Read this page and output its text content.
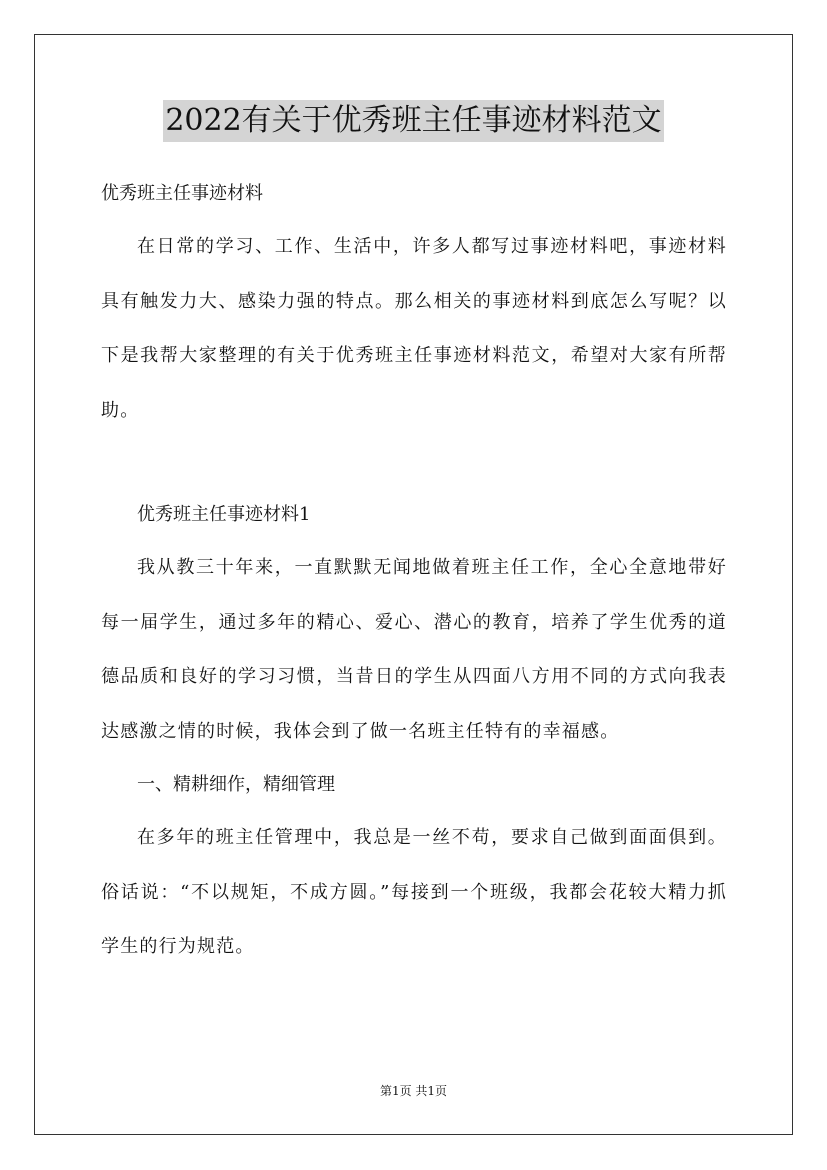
2022有关于优秀班主任事迹材料范文

优秀班主任事迹材料

在日常的学习、工作、生活中，许多人都写过事迹材料吧，事迹材料具有触发力大、感染力强的特点。那么相关的事迹材料到底怎么写呢？以下是我帮大家整理的有关于优秀班主任事迹材料范文，希望对大家有所帮助。

优秀班主任事迹材料1

我从教三十年来，一直默默无闻地做着班主任工作，全心全意地带好每一届学生，通过多年的精心、爱心、潜心的教育，培养了学生优秀的道德品质和良好的学习习惯，当昔日的学生从四面八方用不同的方式向我表达感激之情的时候，我体会到了做一名班主任特有的幸福感。

一、精耕细作，精细管理

在多年的班主任管理中，我总是一丝不苟，要求自己做到面面俱到。俗话说：“不以规矩，不成方圆。”每接到一个班级，我都会花较大精力抓学生的行为规范。

第1页 共1页
